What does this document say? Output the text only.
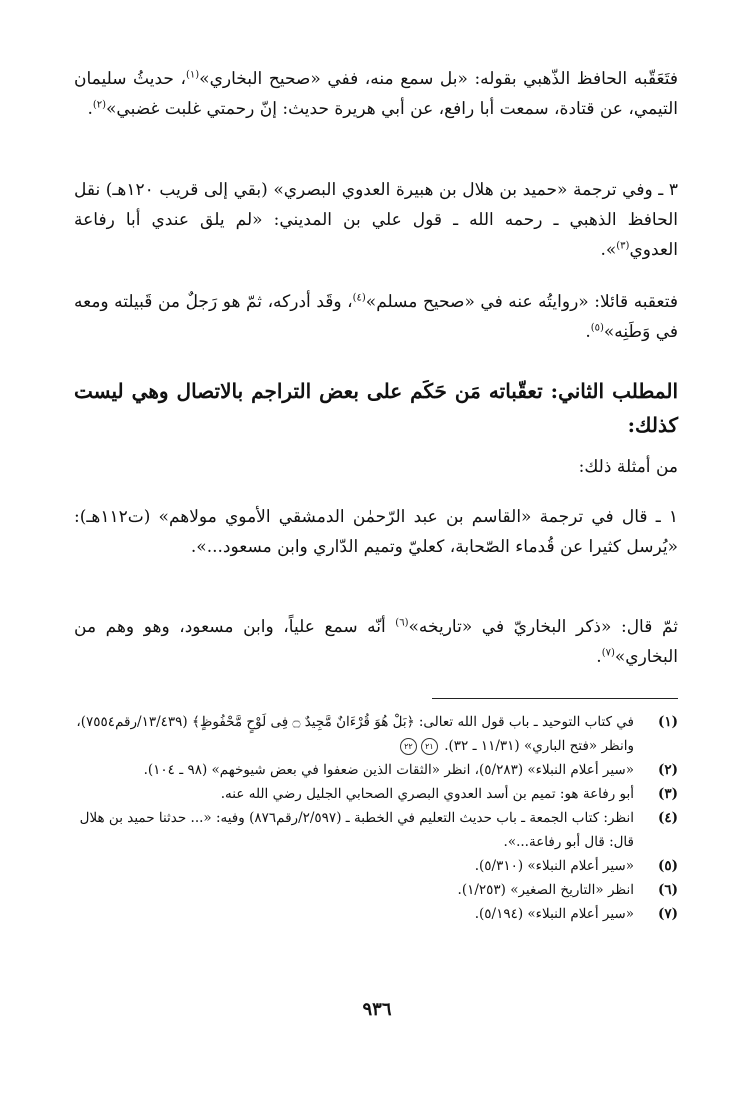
فتَعَقّبه الحافظ الذّهبي بقوله: «بل سمع منه، ففي «صحيح البخاري»$^{(١)}$، حديثُ سليمان التيمي، عن قتادة، سمعت أبا رافع، عن أبي هريرة حديث: إنّ رحمتي غلبت غضبي»$^{(٢)}$.

٣ ـ وفي ترجمة «حميد بن هلال بن هبيرة العدوي البصري» (بقي إلى قريب ١٢٠هـ) نقل الحافظ الذهبي ـ رحمه الله ـ قول علي بن المديني: «لم يلق عندي أبا رفاعة العدوي$^{(٣)}$».

فتعقبه قائلا: «روايتُه عنه في «صحيح مسلم»$^{(٤)}$، وقَد أدركه، ثمّ هو رَجلٌ من قَبيلته ومعه في وَطَنِه»$^{(٥)}$.

المطلب الثاني: تعقّباته مَن حَكَم على بعض التراجم بالاتصال وهي ليست كذلك:

من أمثلة ذلك:

١ ـ قال في ترجمة «القاسم بن عبد الرّحمٰن الدمشقي الأموي مولاهم» (ت١١٢هـ): «يُرسل كثيرا عن قُدماء الصّحابة، كعليّ وتميم الدّاري وابن مسعود...».

ثمّ قال: «ذكر البخاريّ في «تاريخه»$^{(٦)}$ أنّه سمع علياً، وابن مسعود، وهو وهم من البخاري»$^{(٧)}$.

(١)
في كتاب التوحيد ـ باب قول الله تعالى: ﴿بَلْ هُوَ قُرْءَانٌ مَّجِيدٌ ۝ فِى لَوْحٍ مَّحْفُوظٍ﴾ (١٣/٤٣٩/رقم٧٥٥٤)، وانظر «فتح الباري» (١١/٣١ ـ ٣٢). ٢١٢٢

(٢)
«سير أعلام النبلاء» (٥/٢٨٣)، انظر «الثقات الذين ضعفوا في بعض شيوخهم» (٩٨ ـ ١٠٤).

(٣)
أبو رفاعة هو: تميم بن أسد العدوي البصري الصحابي الجليل رضي الله عنه.

(٤)
انظر: كتاب الجمعة ـ باب حديث التعليم في الخطبة ـ (٢/٥٩٧/رقم٨٧٦) وفيه: «... حدثنا حميد بن هلال قال: قال أبو رفاعة...».

(٥)
«سير أعلام النبلاء» (٥/٣١٠).

(٦)
انظر «التاريخ الصغير» (١/٢٥٣).

(٧)
«سير أعلام النبلاء» (٥/١٩٤).

٩٣٦
